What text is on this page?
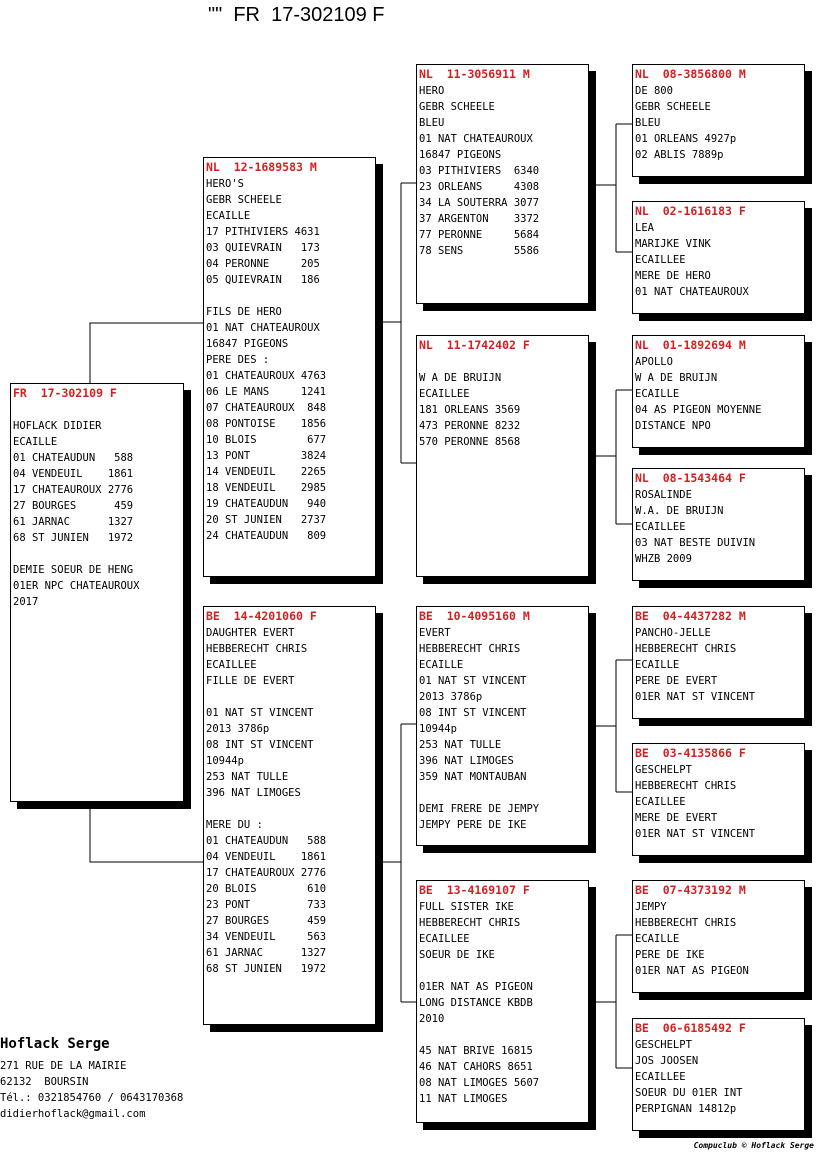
""  FR  17-302109 F
FR  17-302109 F
HOFLACK DIDIER
ECAILLE
01 CHATEAUDUN   588
04 VENDEUIL    1861
17 CHATEAUROUX 2776
27 BOURGES      459
61 JARNAC      1327
68 ST JUNIEN   1972
DEMIE SOEUR DE HENG
01ER NPC CHATEAUROUX
2017
NL  12-1689583 M
HERO'S
GEBR SCHEELE
ECAILLE
17 PITHIVIERS 4631
03 QUIEVRAIN   173
04 PERONNE     205
05 QUIEVRAIN   186
FILS DE HERO
01 NAT CHATEAUROUX
16847 PIGEONS
PERE DES :
01 CHATEAUROUX 4763
06 LE MANS     1241
07 CHATEAUROUX  848
08 PONTOISE    1856
10 BLOIS        677
13 PONT        3824
14 VENDEUIL    2265
18 VENDEUIL    2985
19 CHATEAUDUN   940
20 ST JUNIEN   2737
24 CHATEAUDUN   809
BE  14-4201060 F
DAUGHTER EVERT
HEBBERECHT CHRIS
ECAILLEE
FILLE DE EVERT
01 NAT ST VINCENT
2013 3786p
08 INT ST VINCENT
10944p
253 NAT TULLE
396 NAT LIMOGES
MERE DU :
01 CHATEAUDUN   588
04 VENDEUIL    1861
17 CHATEAUROUX 2776
20 BLOIS        610
23 PONT         733
27 BOURGES      459
34 VENDEUIL     563
61 JARNAC      1327
68 ST JUNIEN   1972
NL  11-3056911 M
HERO
GEBR SCHEELE
BLEU
01 NAT CHATEAUROUX
16847 PIGEONS
03 PITHIVIERS  6340
23 ORLEANS     4308
34 LA SOUTERRA 3077
37 ARGENTON    3372
77 PERONNE     5684
78 SENS        5586
NL  11-1742402 F
W A DE BRUIJN
ECAILLEE
181 ORLEANS 3569
473 PERONNE 8232
570 PERONNE 8568
BE  10-4095160 M
EVERT
HEBBERECHT CHRIS
ECAILLE
01 NAT ST VINCENT
2013 3786p
08 INT ST VINCENT
10944p
253 NAT TULLE
396 NAT LIMOGES
359 NAT MONTAUBAN
DEMI FRERE DE JEMPY
JEMPY PERE DE IKE
BE  13-4169107 F
FULL SISTER IKE
HEBBERECHT CHRIS
ECAILLEE
SOEUR DE IKE
01ER NAT AS PIGEON
LONG DISTANCE KBDB
2010
45 NAT BRIVE 16815
46 NAT CAHORS 8651
08 NAT LIMOGES 5607
11 NAT LIMOGES
NL  08-3856800 M
DE 800
GEBR SCHEELE
BLEU
01 ORLEANS 4927p
02 ABLIS 7889p
NL  02-1616183 F
LEA
MARIJKE VINK
ECAILLEE
MERE DE HERO
01 NAT CHATEAUROUX
NL  01-1892694 M
APOLLO
W A DE BRUIJN
ECAILLE
04 AS PIGEON MOYENNE
DISTANCE NPO
NL  08-1543464 F
ROSALINDE
W.A. DE BRUIJN
ECAILLEE
03 NAT BESTE DUIVIN
WHZB 2009
BE  04-4437282 M
PANCHO-JELLE
HEBBERECHT CHRIS
ECAILLE
PERE DE EVERT
01ER NAT ST VINCENT
BE  03-4135866 F
GESCHELPT
HEBBERECHT CHRIS
ECAILLEE
MERE DE EVERT
01ER NAT ST VINCENT
BE  07-4373192 M
JEMPY
HEBBERECHT CHRIS
ECAILLE
PERE DE IKE
01ER NAT AS PIGEON
BE  06-6185492 F
GESCHELPT
JOS JOOSEN
ECAILLEE
SOEUR DU 01ER INT
PERPIGNAN 14812p
Hoflack Serge
271 RUE DE LA MAIRIE
62132  BOURSIN
Tél.: 0321854760 / 0643170368
didierhoflack@gmail.com
Compuclub © Hoflack Serge
